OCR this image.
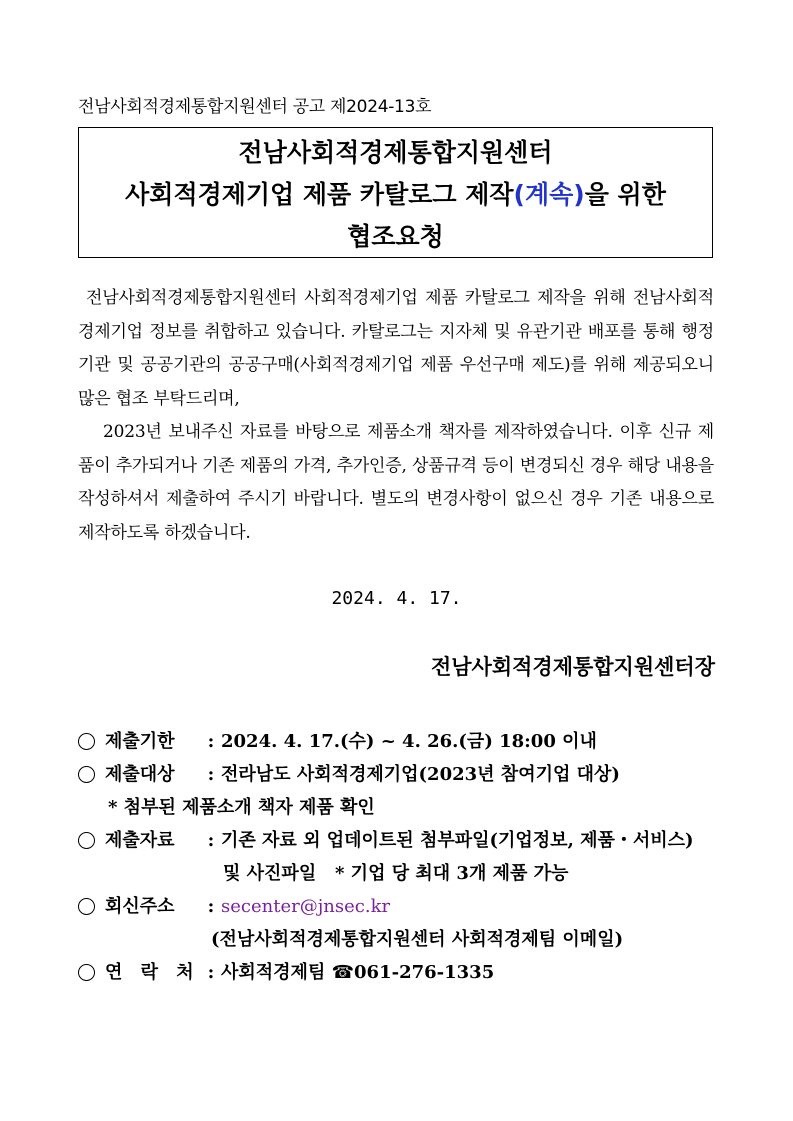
전남사회적경제통합지원센터 공고 제2024-13호
전남사회적경제통합지원센터
사회적경제기업 제품 카탈로그 제작(계속)을 위한
협조요청

전남사회적경제통합지원센터 사회적경제기업 제품 카탈로그 제작을 위해 전남사회적경제기업 정보를 취합하고 있습니다. 카탈로그는 지자체 및 유관기관 배포를 통해 행정기관 및 공공기관의 공공구매(사회적경제기업 제품 우선구매 제도)를 위해 제공되오니 많은 협조 부탁드리며,

2023년 보내주신 자료를 바탕으로 제품소개 책자를 제작하였습니다. 이후 신규 제품이 추가되거나 기존 제품의 가격, 추가인증, 상품규격 등이 변경되신 경우 해당 내용을 작성하셔서 제출하여 주시기 바랍니다. 별도의 변경사항이 없으신 경우 기존 내용으로 제작하도록 하겠습니다.

2024. 4. 17.
전남사회적경제통합지원센터장
제출기한 : 2024. 4. 17.(수) ~ 4. 26.(금) 18:00 이내
제출대상 : 전라남도 사회적경제기업(2023년 참여기업 대상)
* 첨부된 제품소개 책자 제품 확인
제출자료 : 기존 자료 외 업데이트된 첨부파일(기업정보, 제품・서비스)
및 사진파일   * 기업 당 최대 3개 제품 가능
회신주소 : secenter@jnsec.kr
(전남사회적경제통합지원센터 사회적경제팀 이메일)
연 락 처 : 사회적경제팀 ☎061-276-1335
